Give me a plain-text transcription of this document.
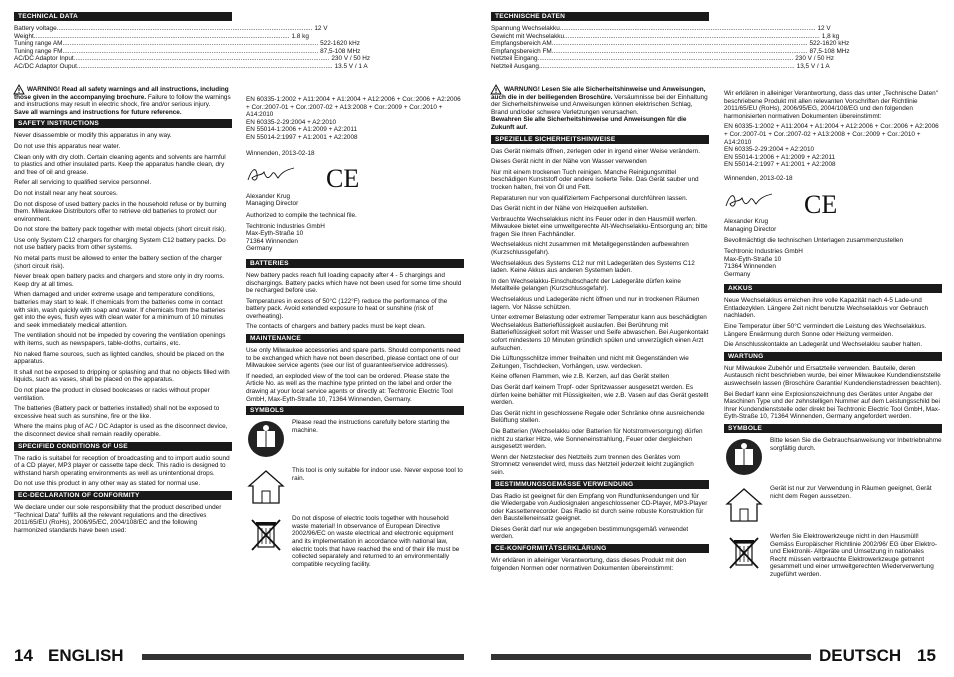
TECHNICAL DATA
Battery voltage ................................................................................................................................................ 12 V
Weight ................................................................................................................................................ 1.8 kg
Tuning range AM ................................................................................................................................................ 522-1620 kHz
Tuning range FM ................................................................................................................................................ 87,5-108 MHz
AC/DC Adaptor Input ................................................................................................................................................ 230 V / 50 Hz
AC/DC Adaptor Ouput ................................................................................................................................................ 13.5 V / 1 A

WARNING! Read all safety warnings and all instructions, including those given in the accompanying brochure. Failure to follow the warnings and instructions may result in electric shock, fire and/or serious injury.
Save all warnings and instructions for future reference.

SAFETY INSTRUCTIONS

Never disassemble or modify this apparatus in any way.

Do not use this apparatus near water.

Clean only with dry cloth. Certain cleaning agents and solvents are harmful to plastics and other insulated parts. Keep the apparatus handle clean, dry and free of oil and grease.

Refer all servicing to qualified service personnel.

Do not install near any heat sources.

Do not dispose of used battery packs in the household refuse or by burning them. Milwaukee Distributors offer to retrieve old batteries to protect our environment.

Do not store the battery pack together with metal objects (short circuit risk).

Use only System C12 chargers for charging System C12 battery packs. Do not use battery packs from other systems.

No metal parts must be allowed to enter the battery section of the charger (short circuit risk).

Never break open battery packs and chargers and store only in dry rooms. Keep dry at all times.

When damaged and under extreme usage and temperature conditions, batteries may start to leak. If chemicals from the batteries come in contact with skin, wash quickly with soap and water. If chemicals from the batteries get into the eyes, flush eyes with clean water for a minimum of 10 minutes and seek immediately medical attention.

The ventilation should not be impeded by covering the ventilation openings with items, such as newspapers, table-cloths, curtains, etc.

No naked flame sources, such as lighted candles, should be placed on the apparatus.

It shall not be exposed to dripping or splashing and that no objects filled with liquids, such as vases, shall be placed on the apparatus.

Do not place the product in closed bookcases or racks without proper ventilation.

The batteries (Battery pack or batteries installed) shall not be exposed to excessive heat such as sunshine, fire or the like.

Where the mains plug of AC / DC Adaptor is used as the disconnect device, the disconnect device shall remain readily operable.

SPECIFIED CONDITIONS OF USE

The radio is suitabel for reception of broadcasting and to import audio sound of a CD player, MP3 player or cassette tape deck. This radio is designed to withstand harsh operating environments as well as unintentional drops.

Do not use this product in any other way as stated for normal use.

EC-DECLARATION OF CONFORMITY

We declare under our sole responsibility that the product described under "Technical Data" fulfills all the relevant regulations and the directives 2011/65/EU (RoHs), 2006/95/EC, 2004/108/EC and the following harmonized standards have been used:

EN 60335-1:2002 + A11:2004 + A1:2004 + A12:2006 + Cor.:2006 + A2:2006 + Cor.:2007-01 + Cor.:2007-02 + A13:2008 + Cor.:2009 + Cor.:2010 + A14:2010
EN 60335-2-29:2004 + A2:2010
EN 55014-1:2006 + A1:2009 + A2:2011
EN 55014-2:1997 + A1:2001 + A2:2008

Winnenden, 2013-02-18

CE

Alexander Krug
Managing Director

Authorized to compile the technical file.

Techtronic Industries GmbH
Max-Eyth-Straße 10
71364 Winnenden
Germany
BATTERIES

New battery packs reach full loading capacity after 4 - 5 chargings and dischargings. Battery packs which have not been used for some time should be recharged before use.

Temperatures in excess of 50°C (122°F) reduce the performance of the battery pack. Avoid extended exposure to heat or sunshine (risk of overheating).

The contacts of chargers and battery packs must be kept clean.

MAINTENANCE

Use only Milwaukee accessories and spare parts. Should components need to be exchanged which have not been described, please contact one of our Milwaukee service agents (see our list of guarantee/service addresses).

If needed, an exploded view of the tool can be ordered. Please state the Article No. as well as the machine type printed on the label and order the drawing at your local service agents or directly at: Techtronic Electric Tool GmbH, Max-Eyth-Straße 10, 71364 Winnenden, Germany.

SYMBOLS
Please read the instructions carefully before starting the machine.
This tool is only suitable for indoor use. Never expose tool to rain.
Do not dispose of electric tools together with household waste material! In observance of European Directive 2002/96/EC on waste electrical and electronic equipment and its implementation in accordance with national law, electric tools that have reached the end of their life must be collected separately and returned to an environmentally compatible recycling facility.
14 ENGLISH
TECHNISCHE DATEN
Spannung Wechselakku ................................................................................................................................................ 12 V
Gewicht mit Wechselakku ................................................................................................................................................ 1,8 kg
Empfangsbereich AM ................................................................................................................................................ 522-1620 kHz
Empfangsbereich FM ................................................................................................................................................ 87,5-108 MHz
Netzteil Eingang ................................................................................................................................................ 230 V / 50 Hz
Netzteil Ausgang ................................................................................................................................................ 13,5 V / 1 A

WARNUNG! Lesen Sie alle Sicherheitshinweise und Anweisungen, auch die in der beiliegenden Broschüre. Versäumnisse bei der Einhaltung der Sicherheitshinweise und Anweisungen können elektrischen Schlag, Brand und/oder schwere Verletzungen verursachen.
Bewahren Sie alle Sicherheitshinweise und Anweisungen für die Zukunft auf.

SPEZIELLE SICHERHEITSHINWEISE

Das Gerät niemals öffnen, zerlegen oder in irgend einer Weise verändern.

Dieses Gerät nicht in der Nähe von Wasser verwenden

Nur mit einem trockenen Tuch reinigen. Manche Reinigungsmittel beschädigen Kunststoff oder andere isolierte Teile. Das Gerät sauber und trocken halten, frei von Öl und Fett.

Reparaturen nur von qualifiziertem Fachpersonal durchführen lassen.

Das Gerät nicht in der Nähe von Heizquellen aufstellen.

Verbrauchte Wechselakkus nicht ins Feuer oder in den Hausmüll werfen. Milwaukee bietet eine umweltgerechte Alt-Wechselakku-Entsorgung an; bitte fragen Sie Ihren Fachhändler.

Wechselakkus nicht zusammen mit Metallgegenständen aufbewahren (Kurzschlussgefahr).

Wechselakkus des Systems C12 nur mit Ladegeräten des Systems C12 laden. Keine Akkus aus anderen Systemen laden.

In den Wechselakku-Einschubschacht der Ladegeräte dürfen keine Metallteile gelangen (Kurzschlussgefahr).

Wechselakkus und Ladegeräte nicht öffnen und nur in trockenen Räumen lagern. Vor Nässe schützen.

Unter extremer Belastung oder extremer Temperatur kann aus beschädigten Wechselakkus Batterieflüssigkeit auslaufen. Bei Berührung mit Batterieflüssigkeit sofort mit Wasser und Seife abwaschen. Bei Augenkontakt sofort mindestens 10 Minuten gründlich spülen und unverzüglich einen Arzt aufsuchen.

Die Lüftungsschlitze immer freihalten und nicht mit Gegenständen wie Zeitungen, Tischdecken, Vorhängen, usw. verdecken.

Keine offenen Flammen, wie z.B. Kerzen, auf das Gerät stellen

Das Gerät darf keinem Tropf- oder Spritzwasser ausgesetzt werden. Es dürfen keine behälter mit Flüssigkeiten, wie z.B. Vasen auf das Gerät gestellt werden.

Das Gerät nicht in geschlossene Regale oder Schränke ohne ausreichende Belüftung stellen.

Die Batterien (Wechselakku oder Batterien für Notstromversorgung) dürfen nicht zu starker Hitze, wie Sonneneinstrahlung, Feuer oder dergleichen ausgesetzt werden.

Wenn der Netzstecker des Netzteils zum trennen des Gerätes vom Stromnetz verwendet wird, muss das Netzteil jederzeit leicht zugänglich sein.

BESTIMMUNGSGEMÄSSE VERWENDUNG

Das Radio ist geeignet für den Empfang von Rundfunksendungen und für die Wiedergabe von Audiosignalen angeschlossener CD-Player, MP3-Player oder Kassettenrecorder. Das Radio ist durch seine robuste Konstruktion für den Baustelleneinsatz geeignet.

Dieses Gerät darf nur wie angegeben bestimmungsgemäß verwendet werden.

CE-KONFORMITÄTSERKLÄRUNG

Wir erklären in alleiniger Verantwortung, dass dieses Produkt mit den folgenden Normen oder normativen Dokumenten übereinstimmt:

Wir erklären in alleiniger Verantwortung, dass das unter „Technische Daten" beschriebene Produkt mit allen relevanten Vorschriften der Richtlinie 2011/65/EU (RoHs), 2006/95/EG, 2004/108/EG und den folgenden harmonisierten normativen Dokumenten übereinstimmt:

EN 60335-1:2002 + A11:2004 + A1:2004 + A12:2006 + Cor.:2006 + A2:2006 + Cor.:2007-01 + Cor.:2007-02 + A13:2008 + Cor.:2009 + Cor.:2010 + A14:2010
EN 60335-2-29:2004 + A2:2010
EN 55014-1:2006 + A1:2009 + A2:2011
EN 55014-2:1997 + A1:2001 + A2:2008

Winnenden, 2013-02-18

CE

Alexander Krug
Managing Director

Bevollmächtigt die technischen Unterlagen zusammenzustellen

Techtronic Industries GmbH
Max-Eyth-Straße 10
71364 Winnenden
Germany
AKKUS

Neue Wechselakkus erreichen ihre volle Kapazität nach 4-5 Lade-und Entladezyklen. Längere Zeit nicht benutzte Wechselakkus vor Gebrauch nachladen.

Eine Temperatur über 50°C vermindert die Leistung des Wechselakkus. Längere Erwärmung durch Sonne oder Heizung vermeiden.

Die Anschlusskontakte an Ladegerät und Wechselakku sauber halten.

WARTUNG

Nur Milwaukee Zubehör und Ersatzteile verwenden. Bauteile, deren Austausch nicht beschrieben wurde, bei einer Milwaukee Kundendienststelle auswechseln lassen (Broschüre Garantie/ Kundendienstadressen beachten).

Bei Bedarf kann eine Explosionszeichnung des Gerätes unter Angabe der Maschinen Type und der zehnstelligen Nummer auf dem Leistungsschild bei Ihrer Kundendienststelle oder direkt bei Techtronic Electric Tool GmbH, Max-Eyth-Straße 10, 71364 Winnenden, Germany angefordert werden.

SYMBOLE
Bitte lesen Sie die Gebrauchsanweisung vor Inbetriebnahme sorgfältig durch.
Gerät ist nur zur Verwendung in Räumen geeignet, Gerät nicht dem Regen aussetzen.
Werfen Sie Elektrowerkzeuge nicht in den Hausmüll! Gemäss Europäischer Richtlinie 2002/96/ EG über Elektro- und Elektronik- Altgeräte und Umsetzung in nationales Recht müssen verbrauchte Elektrowerkzeuge getrennt gesammelt und einer umweltgerechten Wiederverwertung zugeführt werden.
DEUTSCH 15
